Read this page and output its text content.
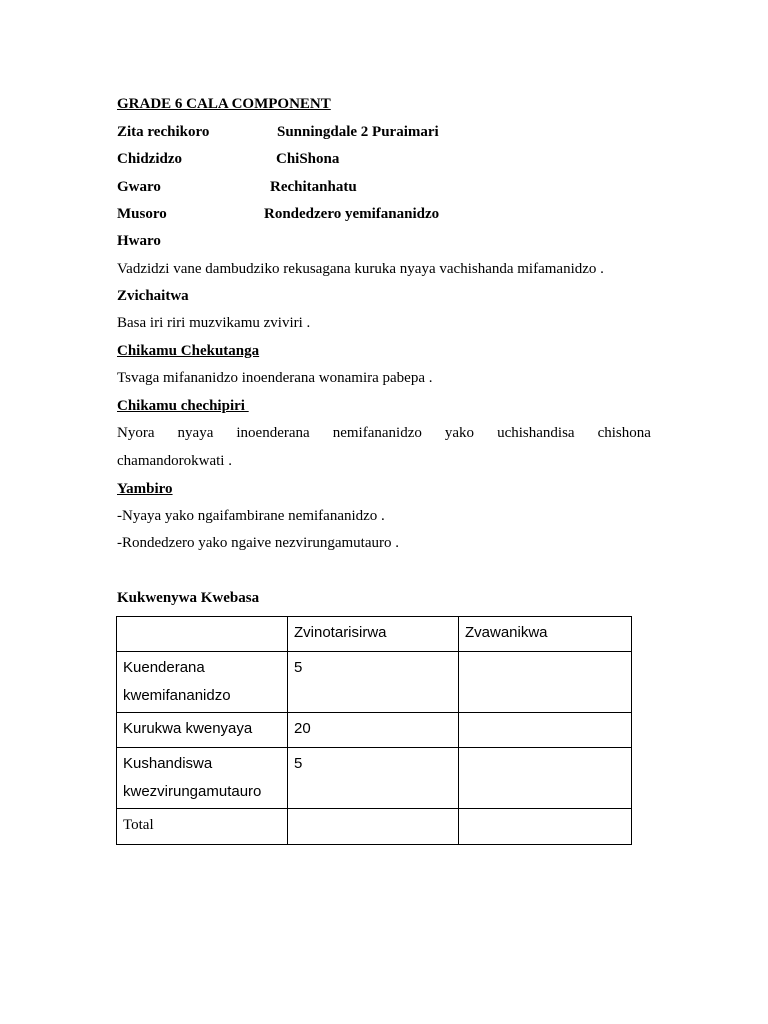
GRADE 6 CALA COMPONENT
Zita rechikoro	Sunningdale 2 Puraimari
Chidzidzo	ChiShona
Gwaro	Rechitanhatu
Musoro	Rondedzero yemifananidzo
Hwaro
Vadzidzi vane dambudziko rekusagana kuruka nyaya vachishanda mifamanidzo .
Zvichaitwa
Basa iri riri muzvikamu zviviri .
Chikamu Chekutanga
Tsvaga mifananidzo inoenderana wonamira pabepa .
Chikamu chechipiri
Nyora nyaya inoenderana nemifananidzo yako uchishandisa chishona
chamandorokwati .
Yambiro
-Nyaya yako ngaifambirane nemifananidzo .
-Rondedzero yako ngaive nezvirungamutauro .
Kukwenywa Kwebasa
	Zvinotarisirwa	Zvawanikwa

Kuenderana
kwemifananidzo	5	

Kurukwa kwenyaya	20	

Kushandiswa
kwezvirungamutauro	5	

Total		
